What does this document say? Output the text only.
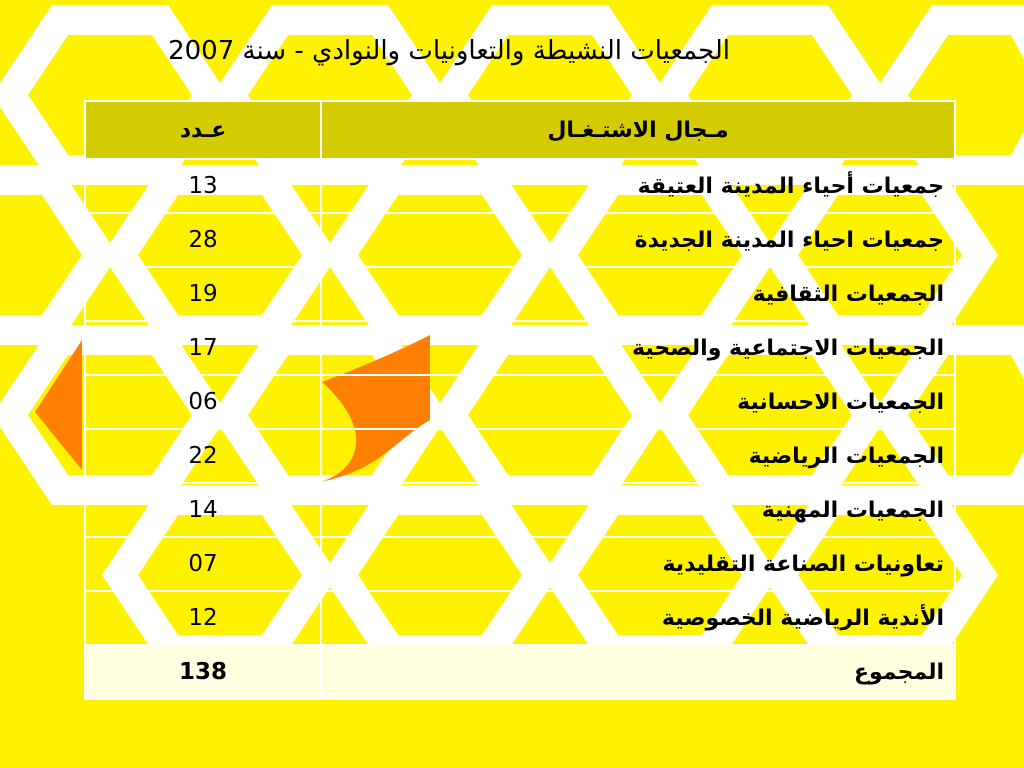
الجمعيات النشيطة والتعاونيات والنوادي - سنة 2007
مـجال الاشتـغـال	عـدد
جمعيات أحياء المدينة العتيقة	13
جمعيات احياء المدينة الجديدة	28
الجمعيات الثقافية	19
الجمعيات الاجتماعية والصحية	17
الجمعيات الاحسانية	06
الجمعيات الرياضية	22
الجمعيات المهنية	14
تعاونيات الصناعة التقليدية	07
الأندية الرياضية الخصوصية	12
المجموع	138
